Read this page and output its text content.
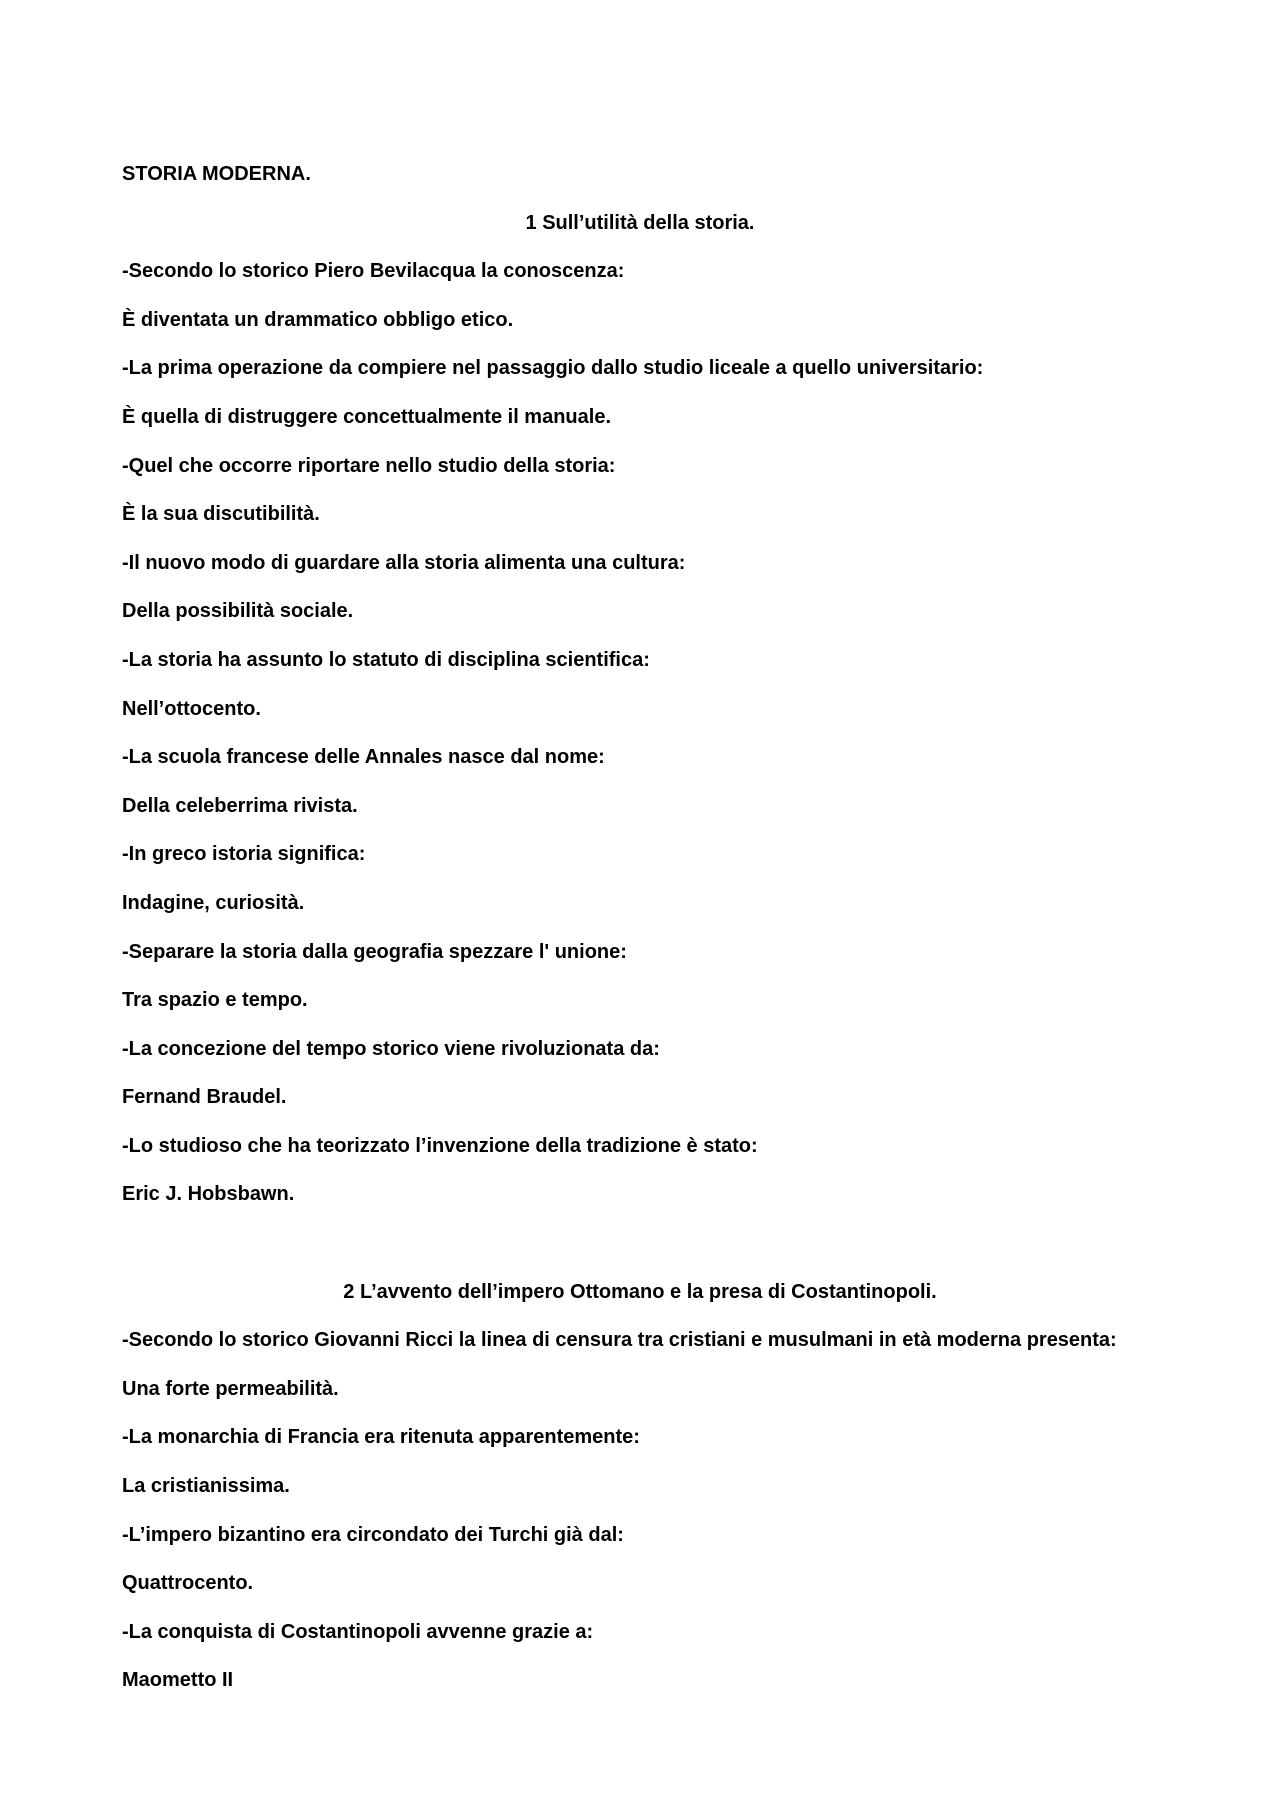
STORIA MODERNA.
1 Sull’utilità della storia.
-Secondo lo storico Piero Bevilacqua la conoscenza:
È diventata un drammatico obbligo etico.
-La prima operazione da compiere nel passaggio dallo studio liceale a quello universitario:
È quella di distruggere concettualmente il manuale.
-Quel che occorre riportare nello studio della storia:
È la sua discutibilità.
-Il nuovo modo di guardare alla storia alimenta una cultura:
Della possibilità sociale.
-La storia ha assunto lo statuto di disciplina scientifica:
Nell’ottocento.
-La scuola francese delle Annales nasce dal nome:
Della celeberrima rivista.
-In greco istoria significa:
Indagine, curiosità.
-Separare la storia dalla geografia spezzare l' unione:
Tra spazio e tempo.
-La concezione del tempo storico viene rivoluzionata da:
Fernand Braudel.
-Lo studioso che ha teorizzato l’invenzione della tradizione è stato:
Eric J. Hobsbawn.
2 L’avvento dell’impero Ottomano e la presa di Costantinopoli.
-Secondo lo storico Giovanni Ricci la linea di censura tra cristiani e musulmani in età moderna presenta:
Una forte permeabilità.
-La monarchia di Francia era ritenuta apparentemente:
La cristianissima.
-L’impero bizantino era circondato dei Turchi già dal:
Quattrocento.
-La conquista di Costantinopoli avvenne grazie a:
Maometto II
